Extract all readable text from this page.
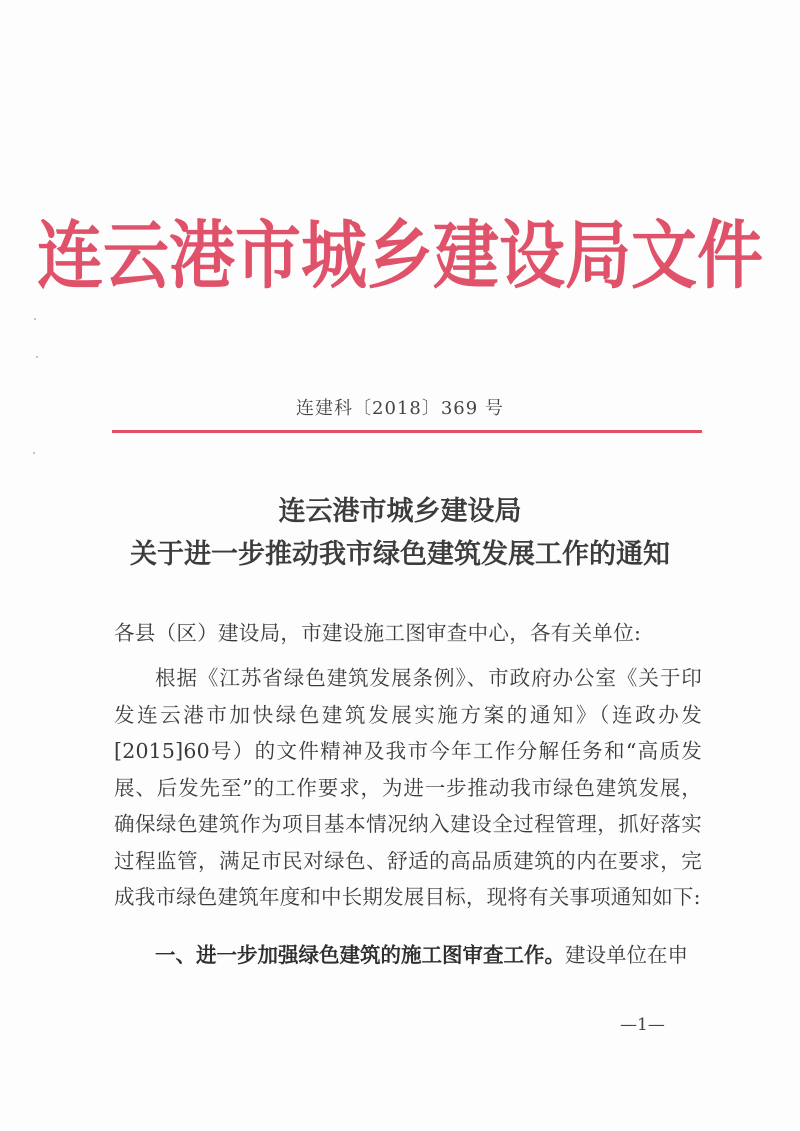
连云港市城乡建设局文件
连建科〔2018〕369 号
连云港市城乡建设局
关于进一步推动我市绿色建筑发展工作的通知
各县（区）建设局，市建设施工图审查中心，各有关单位:
根据《江苏省绿色建筑发展条例》、市政府办公室《关于印发连云港市加快绿色建筑发展实施方案的通知》（连政办发[2015]60号）的文件精神及我市今年工作分解任务和“高质发展、后发先至”的工作要求，为进一步推动我市绿色建筑发展，确保绿色建筑作为项目基本情况纳入建设全过程管理，抓好落实过程监管，满足市民对绿色、舒适的高品质建筑的内在要求，完成我市绿色建筑年度和中长期发展目标，现将有关事项通知如下:
一、进一步加强绿色建筑的施工图审查工作。建设单位在申
—1—
